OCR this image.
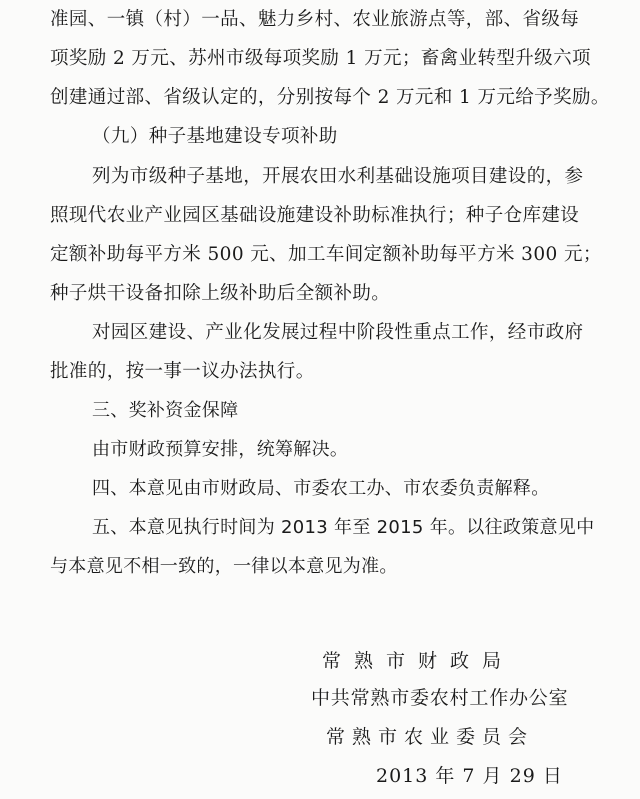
准园、一镇（村）一品、魅力乡村、农业旅游点等，部、省级每
项奖励 2 万元、苏州市级每项奖励 1 万元；畜禽业转型升级六项
创建通过部、省级认定的，分别按每个 2 万元和 1 万元给予奖励。
（九）种子基地建设专项补助
列为市级种子基地，开展农田水利基础设施项目建设的，参
照现代农业产业园区基础设施建设补助标准执行；种子仓库建设
定额补助每平方米 500 元、加工车间定额补助每平方米 300 元；
种子烘干设备扣除上级补助后全额补助。
对园区建设、产业化发展过程中阶段性重点工作，经市政府
批准的，按一事一议办法执行。
三、奖补资金保障
由市财政预算安排，统筹解决。
四、本意见由市财政局、市委农工办、市农委负责解释。
五、本意见执行时间为 2013 年至 2015 年。以往政策意见中
与本意见不相一致的，一律以本意见为准。
常熟市财政局
中共常熟市委农村工作办公室
常熟市农业委员会
2013 年 7 月 29 日
